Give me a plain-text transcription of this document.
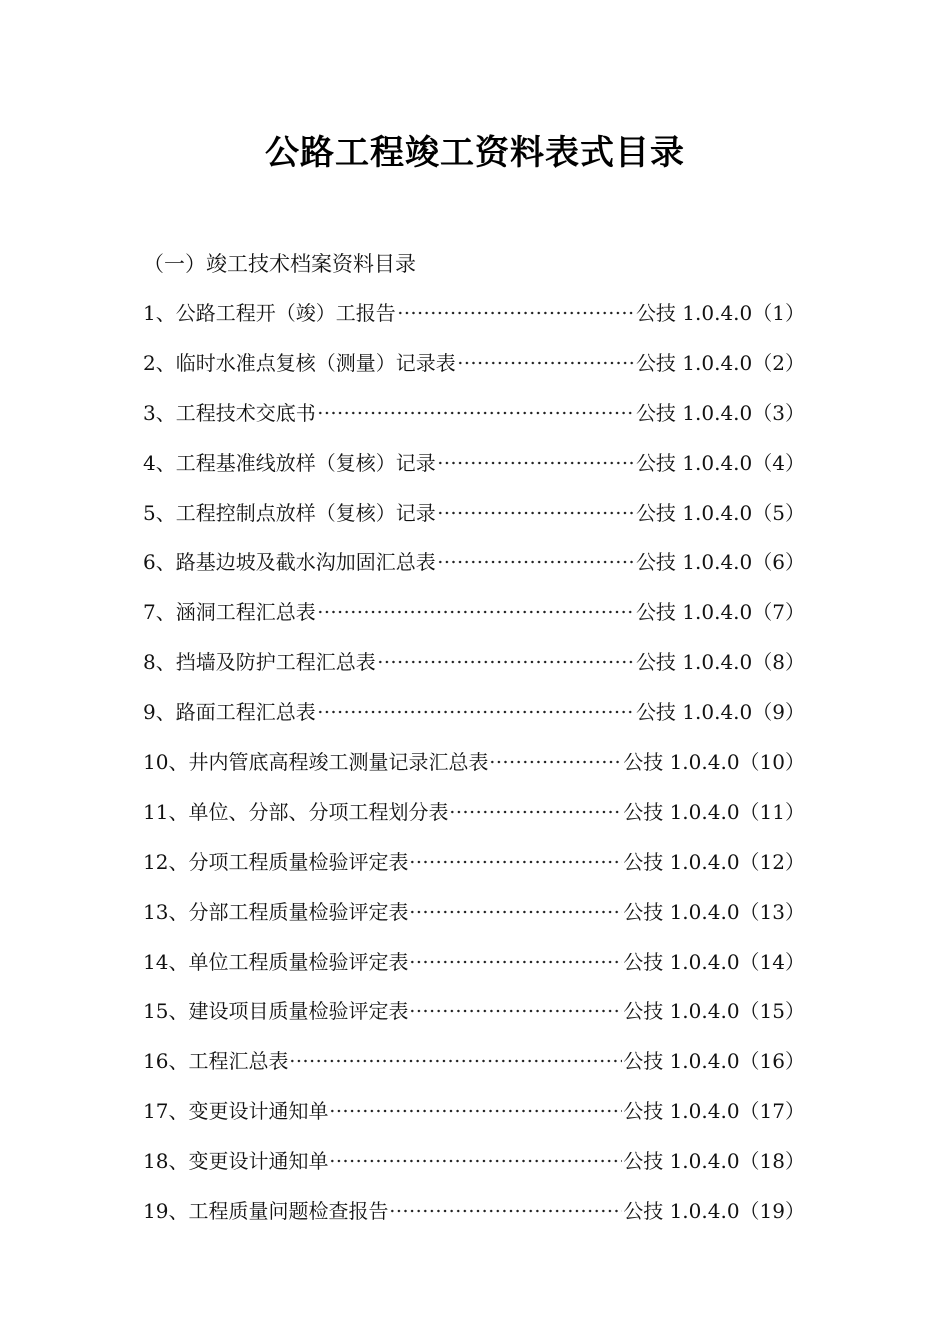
公路工程竣工资料表式目录
（一）竣工技术档案资料目录
1、公路工程开（竣）工报告	公技 1.0.4.0（1）
2、临时水准点复核（测量）记录表	公技 1.0.4.0（2）
3、工程技术交底书	公技 1.0.4.0（3）
4、工程基准线放样（复核）记录	公技 1.0.4.0（4）
5、工程控制点放样（复核）记录	公技 1.0.4.0（5）
6、路基边坡及截水沟加固汇总表	公技 1.0.4.0（6）
7、涵洞工程汇总表	公技 1.0.4.0（7）
8、挡墙及防护工程汇总表	公技 1.0.4.0（8）
9、路面工程汇总表	公技 1.0.4.0（9）
10、井内管底高程竣工测量记录汇总表	公技 1.0.4.0（10）
11、单位、分部、分项工程划分表	公技 1.0.4.0（11）
12、分项工程质量检验评定表	公技 1.0.4.0（12）
13、分部工程质量检验评定表	公技 1.0.4.0（13）
14、单位工程质量检验评定表	公技 1.0.4.0（14）
15、建设项目质量检验评定表	公技 1.0.4.0（15）
16、工程汇总表	公技 1.0.4.0（16）
17、变更设计通知单	公技 1.0.4.0（17）
18、变更设计通知单	公技 1.0.4.0（18）
19、工程质量问题检查报告	公技 1.0.4.0（19）
